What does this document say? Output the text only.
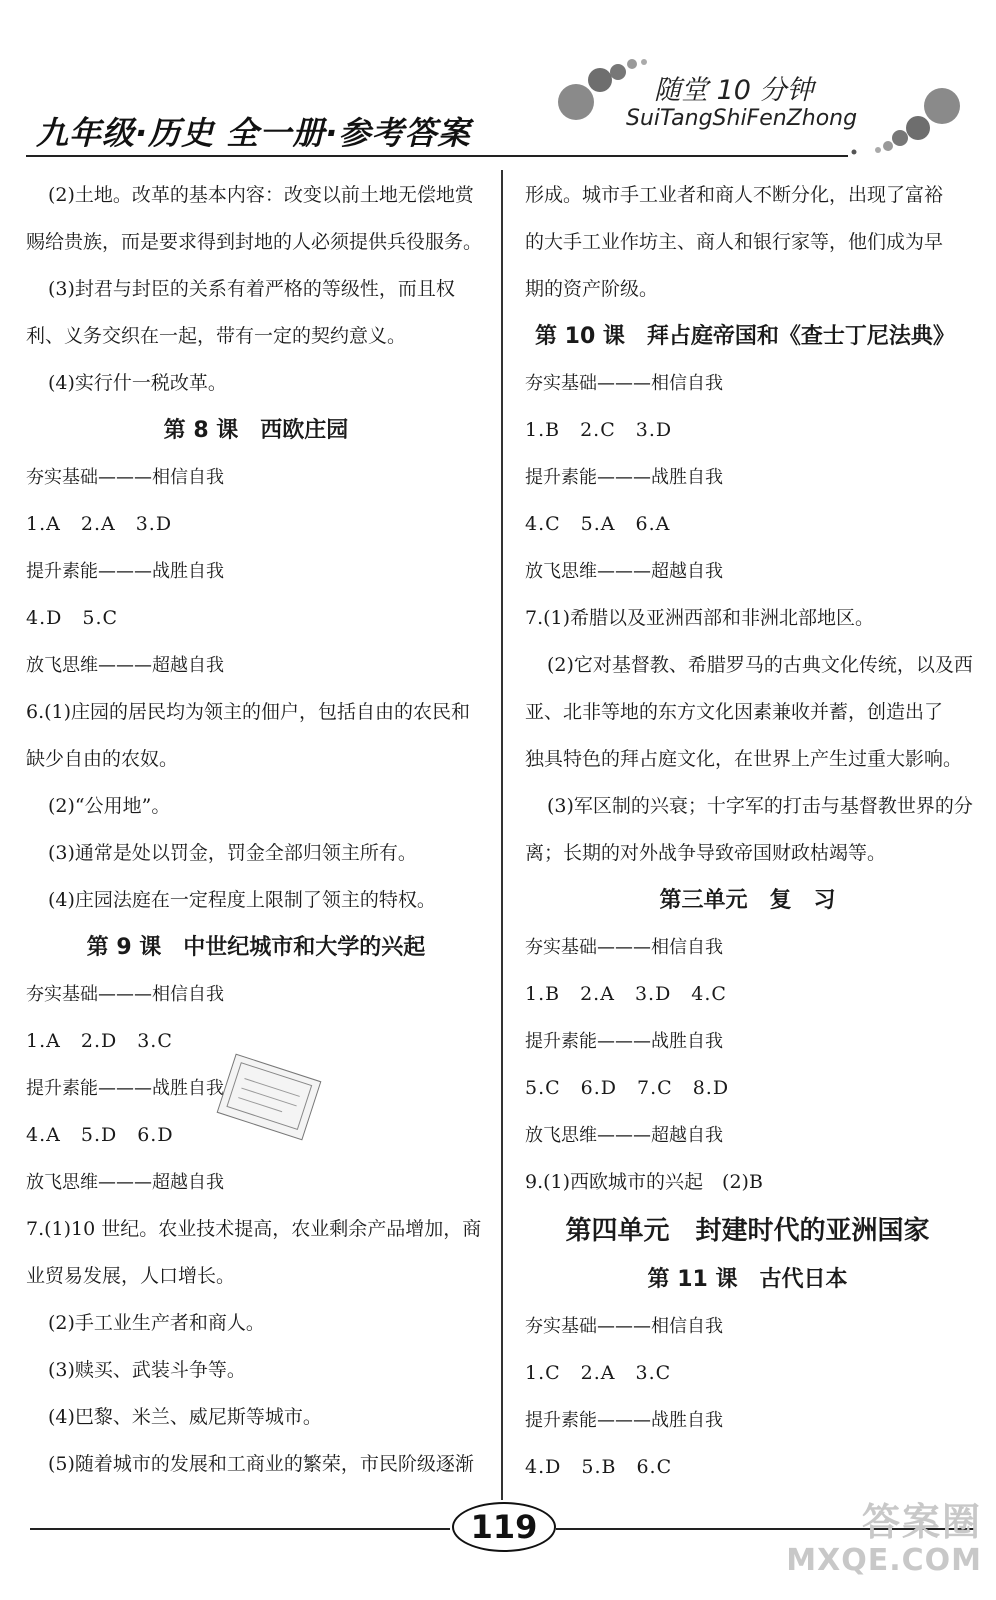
九年级·历史 全一册·参考答案
随堂 10 分钟
SuiTangShiFenZhong
(2)土地。改革的基本内容：改变以前土地无偿地赏
赐给贵族，而是要求得到封地的人必须提供兵役服务。
(3)封君与封臣的关系有着严格的等级性，而且权
利、义务交织在一起，带有一定的契约意义。
(4)实行什一税改革。
第 8 课　西欧庄园
夯实基础———相信自我
1.A　2.A　3.D
提升素能———战胜自我
4.D　5.C
放飞思维———超越自我
6.(1)庄园的居民均为领主的佃户，包括自由的农民和
缺少自由的农奴。
(2)“公用地”。
(3)通常是处以罚金，罚金全部归领主所有。
(4)庄园法庭在一定程度上限制了领主的特权。
第 9 课　中世纪城市和大学的兴起
夯实基础———相信自我
1.A　2.D　3.C
提升素能———战胜自我
4.A　5.D　6.D
放飞思维———超越自我
7.(1)10 世纪。农业技术提高，农业剩余产品增加，商
业贸易发展，人口增长。
(2)手工业生产者和商人。
(3)赎买、武装斗争等。
(4)巴黎、米兰、威尼斯等城市。
(5)随着城市的发展和工商业的繁荣，市民阶级逐渐
形成。城市手工业者和商人不断分化，出现了富裕
的大手工业作坊主、商人和银行家等，他们成为早
期的资产阶级。
第 10 课　拜占庭帝国和《查士丁尼法典》
夯实基础———相信自我
1.B　2.C　3.D
提升素能———战胜自我
4.C　5.A　6.A
放飞思维———超越自我
7.(1)希腊以及亚洲西部和非洲北部地区。
(2)它对基督教、希腊罗马的古典文化传统，以及西
亚、北非等地的东方文化因素兼收并蓄，创造出了
独具特色的拜占庭文化，在世界上产生过重大影响。
(3)军区制的兴衰；十字军的打击与基督教世界的分
离；长期的对外战争导致帝国财政枯竭等。
第三单元　复　习
夯实基础———相信自我
1.B　2.A　3.D　4.C
提升素能———战胜自我
5.C　6.D　7.C　8.D
放飞思维———超越自我
9.(1)西欧城市的兴起　(2)B
第四单元　封建时代的亚洲国家
第 11 课　古代日本
夯实基础———相信自我
1.C　2.A　3.C
提升素能———战胜自我
4.D　5.B　6.C
119	答案圈
MXQE.COM
